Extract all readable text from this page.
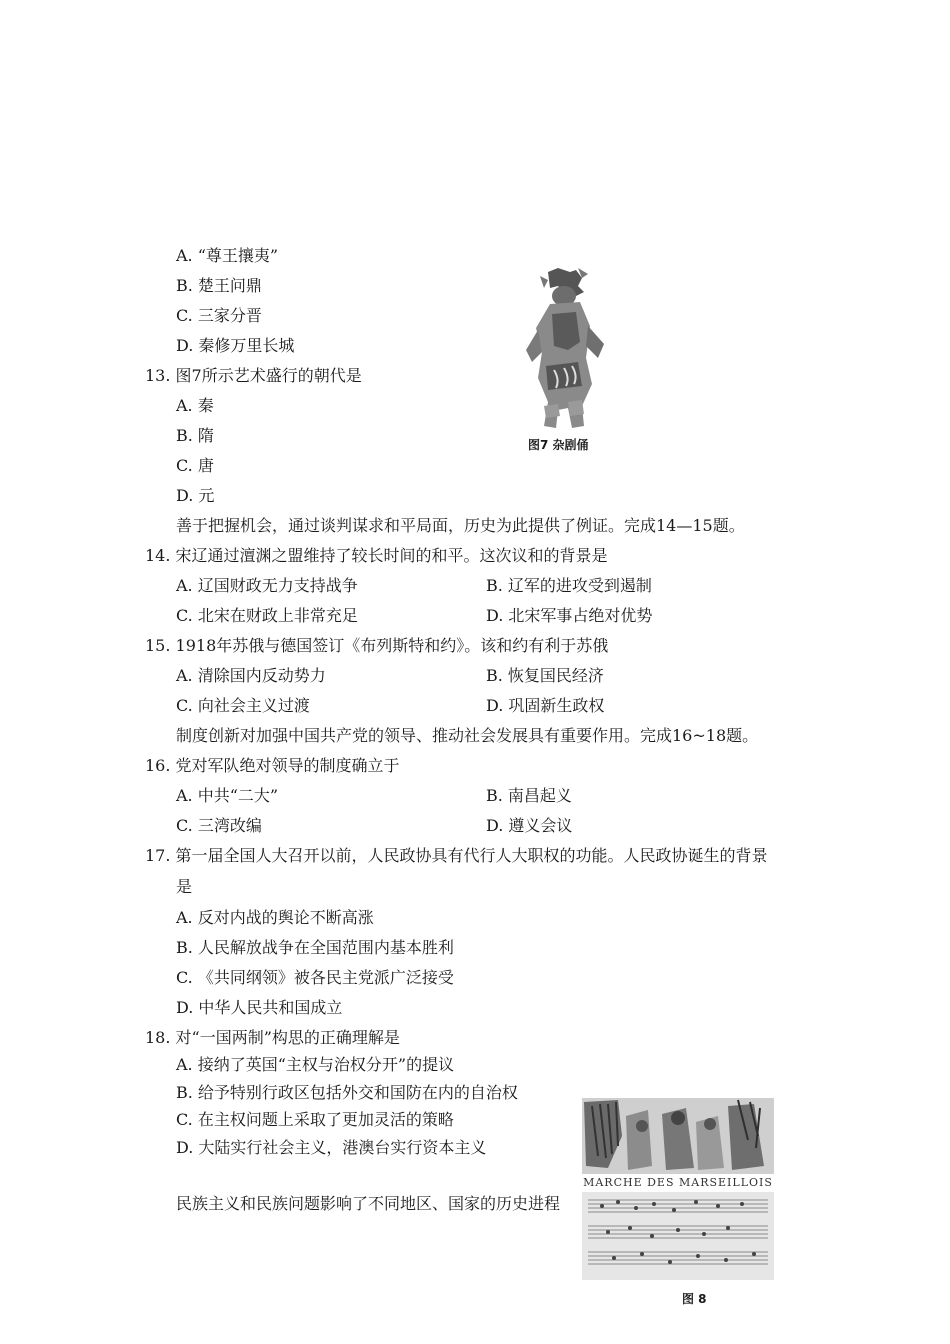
A. “尊王攘夷”
B. 楚王问鼎
C. 三家分晋
D. 秦修万里长城
13. 图7所示艺术盛行的朝代是
A. 秦
B. 隋
C. 唐
D. 元
图7 杂剧俑
善于把握机会，通过谈判谋求和平局面，历史为此提供了例证。完成14—15题。
14. 宋辽通过澶渊之盟维持了较长时间的和平。这次议和的背景是
A. 辽国财政无力支持战争	B. 辽军的进攻受到遏制
C. 北宋在财政上非常充足	D. 北宋军事占绝对优势
15. 1918年苏俄与德国签订《布列斯特和约》。该和约有利于苏俄
A. 清除国内反动势力	B. 恢复国民经济
C. 向社会主义过渡	D. 巩固新生政权
制度创新对加强中国共产党的领导、推动社会发展具有重要作用。完成16~18题。
16. 党对军队绝对领导的制度确立于
A. 中共“二大”	B. 南昌起义
C. 三湾改编	D. 遵义会议
17. 第一届全国人大召开以前，人民政协具有代行人大职权的功能。人民政协诞生的背景
是
A. 反对内战的舆论不断高涨
B. 人民解放战争在全国范围内基本胜利
C. 《共同纲领》被各民主党派广泛接受
D. 中华人民共和国成立
18. 对“一国两制”构思的正确理解是
A. 接纳了英国“主权与治权分开”的提议
B. 给予特别行政区包括外交和国防在内的自治权
C. 在主权问题上采取了更加灵活的策略
D. 大陆实行社会主义，港澳台实行资本主义
民族主义和民族问题影响了不同地区、国家的历史进程
MARCHE DES MARSEILLOIS
图 8
